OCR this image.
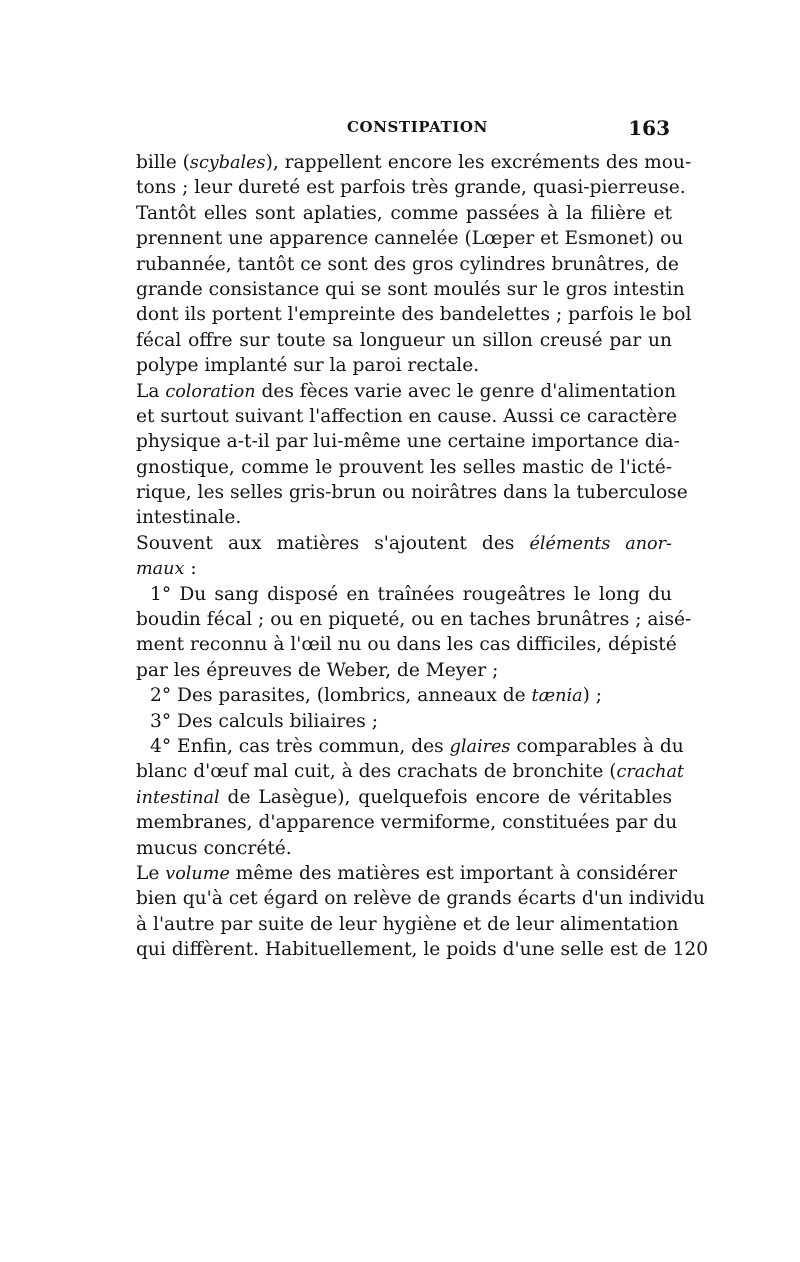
CONSTIPATION	163
bille (scybales), rappellent encore les excréments des mou-
tons ; leur dureté est parfois très grande, quasi-pierreuse.
Tantôt elles sont aplaties, comme passées à la filière et
prennent une apparence cannelée (Lœper et Esmonet) ou
rubannée, tantôt ce sont des gros cylindres brunâtres, de
grande consistance qui se sont moulés sur le gros intestin
dont ils portent l'empreinte des bandelettes ; parfois le bol
fécal offre sur toute sa longueur un sillon creusé par un
polype implanté sur la paroi rectale.
La coloration des fèces varie avec le genre d'alimentation
et surtout suivant l'affection en cause. Aussi ce caractère
physique a-t-il par lui-même une certaine importance dia-
gnostique, comme le prouvent les selles mastic de l'icté-
rique, les selles gris-brun ou noirâtres dans la tuberculose
intestinale.
Souvent aux matières s'ajoutent des éléments anor-
maux :
1° Du sang disposé en traînées rougeâtres le long du
boudin fécal ; ou en piqueté, ou en taches brunâtres ; aisé-
ment reconnu à l'œil nu ou dans les cas difficiles, dépisté
par les épreuves de Weber, de Meyer ;
2° Des parasites, (lombrics, anneaux de tænia) ;
3° Des calculs biliaires ;
4° Enfin, cas très commun, des glaires comparables à du
blanc d'œuf mal cuit, à des crachats de bronchite (crachat
intestinal de Lasègue), quelquefois encore de véritables
membranes, d'apparence vermiforme, constituées par du
mucus concrété.
Le volume même des matières est important à considérer
bien qu'à cet égard on relève de grands écarts d'un individu
à l'autre par suite de leur hygiène et de leur alimentation
qui diffèrent. Habituellement, le poids d'une selle est de 120
